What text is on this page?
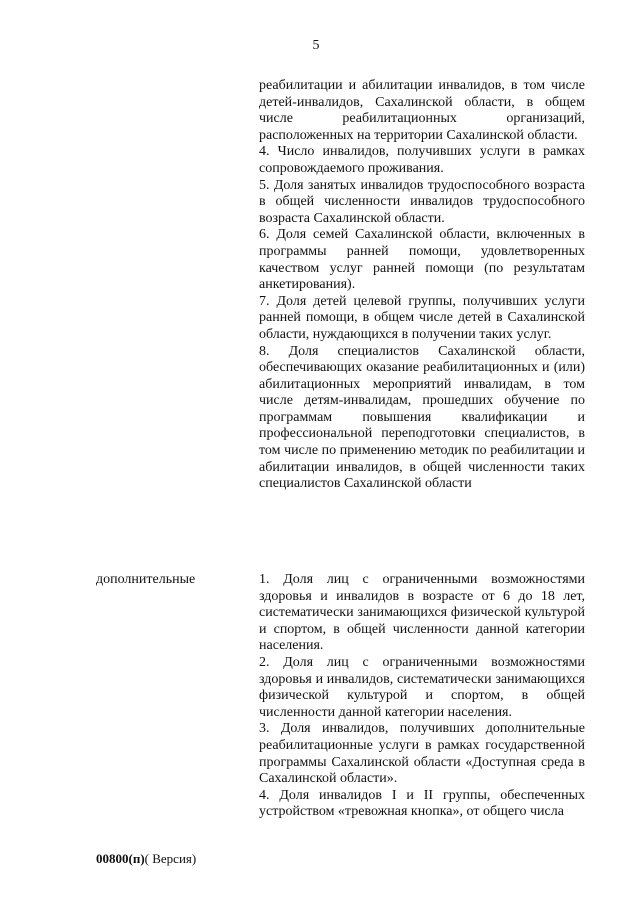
5

реабилитации и абилитации инвалидов, в том числе детей-инвалидов, Сахалинской области, в общем числе реабилитационных организаций, расположенных на территории Сахалинской области.

4. Число инвалидов, получивших услуги в рамках сопровождаемого проживания.

5. Доля занятых инвалидов трудоспособного возраста в общей численности инвалидов трудоспособного возраста Сахалинской области.

6. Доля семей Сахалинской области, включенных в программы ранней помощи, удовлетворенных качеством услуг ранней помощи (по результатам анкетирования).

7. Доля детей целевой группы, получивших услуги ранней помощи, в общем числе детей в Сахалинской области, нуждающихся в получении таких услуг.

8. Доля специалистов Сахалинской области, обеспечивающих оказание реабилитационных и (или) абилитационных мероприятий инвалидам, в том числе детям-инвалидам, прошедших обучение по программам повышения квалификации и профессиональной переподготовки специалистов, в том числе по применению методик по реабилитации и абилитации инвалидов, в общей численности таких специалистов Сахалинской области

дополнительные	1. Доля лиц с ограниченными возможностями здоровья и инвалидов в возрасте от 6 до 18 лет, систематически занимающихся физической культурой и спортом, в общей численности данной категории населения.

2. Доля лиц с ограниченными возможностями здоровья и инвалидов, систематически занимающихся физической культурой и спортом, в общей численности данной категории населения.

3. Доля инвалидов, получивших дополнительные реабилитационные услуги в рамках государственной программы Сахалинской области «Доступная среда в Сахалинской области».

4. Доля инвалидов I и II группы, обеспеченных устройством «тревожная кнопка», от общего числа

00800(п)( Версия)
